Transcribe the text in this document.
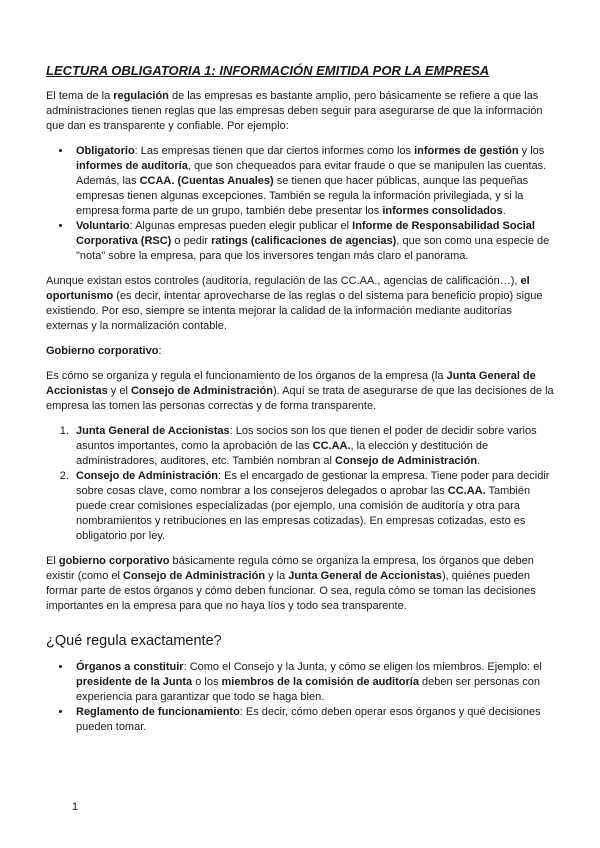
LECTURA OBLIGATORIA 1: INFORMACIÓN EMITIDA POR LA EMPRESA

El tema de la regulación de las empresas es bastante amplio, pero básicamente se refiere a que las administraciones tienen reglas que las empresas deben seguir para asegurarse de que la información que dan es transparente y confiable. Por ejemplo:

• Obligatorio: Las empresas tienen que dar ciertos informes como los informes de gestión y los informes de auditoría, que son chequeados para evitar fraude o que se manipulen las cuentas. Además, las CCAA. (Cuentas Anuales) se tienen que hacer públicas, aunque las pequeñas empresas tienen algunas excepciones. También se regula la información privilegiada, y si la empresa forma parte de un grupo, también debe presentar los informes consolidados.
• Voluntario: Algunas empresas pueden elegir publicar el Informe de Responsabilidad Social Corporativa (RSC) o pedir ratings (calificaciones de agencias), que son como una especie de "nota" sobre la empresa, para que los inversores tengan más claro el panorama.

Aunque existan estos controles (auditoría, regulación de las CC.AA., agencias de calificación…), el oportunismo (es decir, intentar aprovecharse de las reglas o del sistema para beneficio propio) sigue existiendo. Por eso, siempre se intenta mejorar la calidad de la información mediante auditorías externas y la normalización contable.

Gobierno corporativo:

Es cómo se organiza y regula el funcionamiento de los órganos de la empresa (la Junta General de Accionistas y el Consejo de Administración). Aquí se trata de asegurarse de que las decisiones de la empresa las tomen las personas correctas y de forma transparente.

1. Junta General de Accionistas: Los socios son los que tienen el poder de decidir sobre varios asuntos importantes, como la aprobación de las CC.AA., la elección y destitución de administradores, auditores, etc. También nombran al Consejo de Administración.
2. Consejo de Administración: Es el encargado de gestionar la empresa. Tiene poder para decidir sobre cosas clave, como nombrar a los consejeros delegados o aprobar las CC.AA. También puede crear comisiones especializadas (por ejemplo, una comisión de auditoría y otra para nombramientos y retribuciones en las empresas cotizadas). En empresas cotizadas, esto es obligatorio por ley.

El gobierno corporativo básicamente regula cómo se organiza la empresa, los órganos que deben existir (como el Consejo de Administración y la Junta General de Accionistas), quiénes pueden formar parte de estos órganos y cómo deben funcionar. O sea, regula cómo se toman las decisiones importantes en la empresa para que no haya líos y todo sea transparente.

¿Qué regula exactamente?
• Órganos a constituir: Como el Consejo y la Junta, y cómo se eligen los miembros. Ejemplo: el presidente de la Junta o los miembros de la comisión de auditoría deben ser personas con experiencia para garantizar que todo se haga bien.
• Reglamento de funcionamiento: Es decir, cómo deben operar esos órganos y qué decisiones pueden tomar.
1
